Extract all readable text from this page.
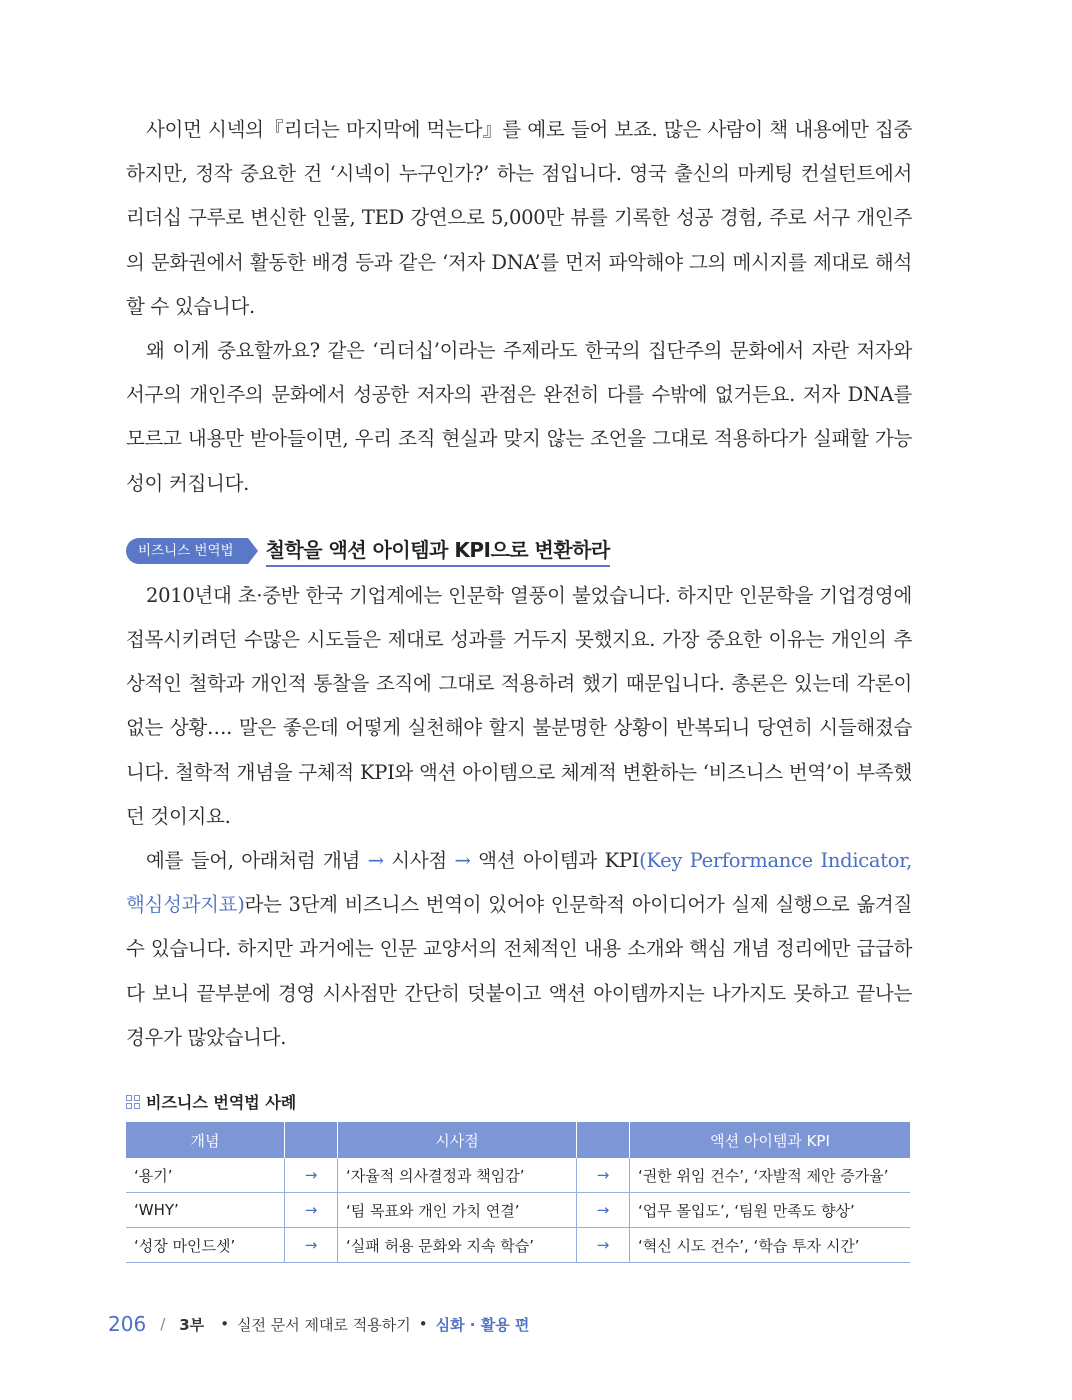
사이먼 시넥의『리더는 마지막에 먹는다』를 예로 들어 보죠. 많은 사람이 책 내용에만 집중하지만, 정작 중요한 건 ‘시넥이 누구인가?’ 하는 점입니다. 영국 출신의 마케팅 컨설턴트에서 리더십 구루로 변신한 인물, TED 강연으로 5,000만 뷰를 기록한 성공 경험, 주로 서구 개인주의 문화권에서 활동한 배경 등과 같은 ‘저자 DNA’를 먼저 파악해야 그의 메시지를 제대로 해석할 수 있습니다.

왜 이게 중요할까요? 같은 ‘리더십’이라는 주제라도 한국의 집단주의 문화에서 자란 저자와 서구의 개인주의 문화에서 성공한 저자의 관점은 완전히 다를 수밖에 없거든요. 저자 DNA를 모르고 내용만 받아들이면, 우리 조직 현실과 맞지 않는 조언을 그대로 적용하다가 실패할 가능성이 커집니다.

비즈니스 번역법	철학을 액션 아이템과 KPI으로 변환하라

2010년대 초·중반 한국 기업계에는 인문학 열풍이 불었습니다. 하지만 인문학을 기업경영에 접목시키려던 수많은 시도들은 제대로 성과를 거두지 못했지요. 가장 중요한 이유는 개인의 추상적인 철학과 개인적 통찰을 조직에 그대로 적용하려 했기 때문입니다. 총론은 있는데 각론이 없는 상황…. 말은 좋은데 어떻게 실천해야 할지 불분명한 상황이 반복되니 당연히 시들해졌습니다. 철학적 개념을 구체적 KPI와 액션 아이템으로 체계적 변환하는 ‘비즈니스 번역’이 부족했던 것이지요.

예를 들어, 아래처럼 개념 → 시사점 → 액션 아이템과 KPI(Key Performance Indicator, 핵심성과지표)라는 3단계 비즈니스 번역이 있어야 인문학적 아이디어가 실제 실행으로 옮겨질 수 있습니다. 하지만 과거에는 인문 교양서의 전체적인 내용 소개와 핵심 개념 정리에만 급급하다 보니 끝부분에 경영 시사점만 간단히 덧붙이고 액션 아이템까지는 나가지도 못하고 끝나는 경우가 많았습니다.

비즈니스 번역법 사례
개념		시사점		액션 아이템과 KPI
‘용기’	→	‘자율적 의사결정과 책임감’	→	‘권한 위임 건수’, ‘자발적 제안 증가율’
‘WHY’	→	‘팀 목표와 개인 가치 연결’	→	‘업무 몰입도’, ‘팀원 만족도 향상’
‘성장 마인드셋’	→	‘실패 허용 문화와 지속 학습’	→	‘혁신 시도 건수’, ‘학습 투자 시간’
206 / 3부 • 실전 문서 제대로 적용하기 • 심화 · 활용 편
